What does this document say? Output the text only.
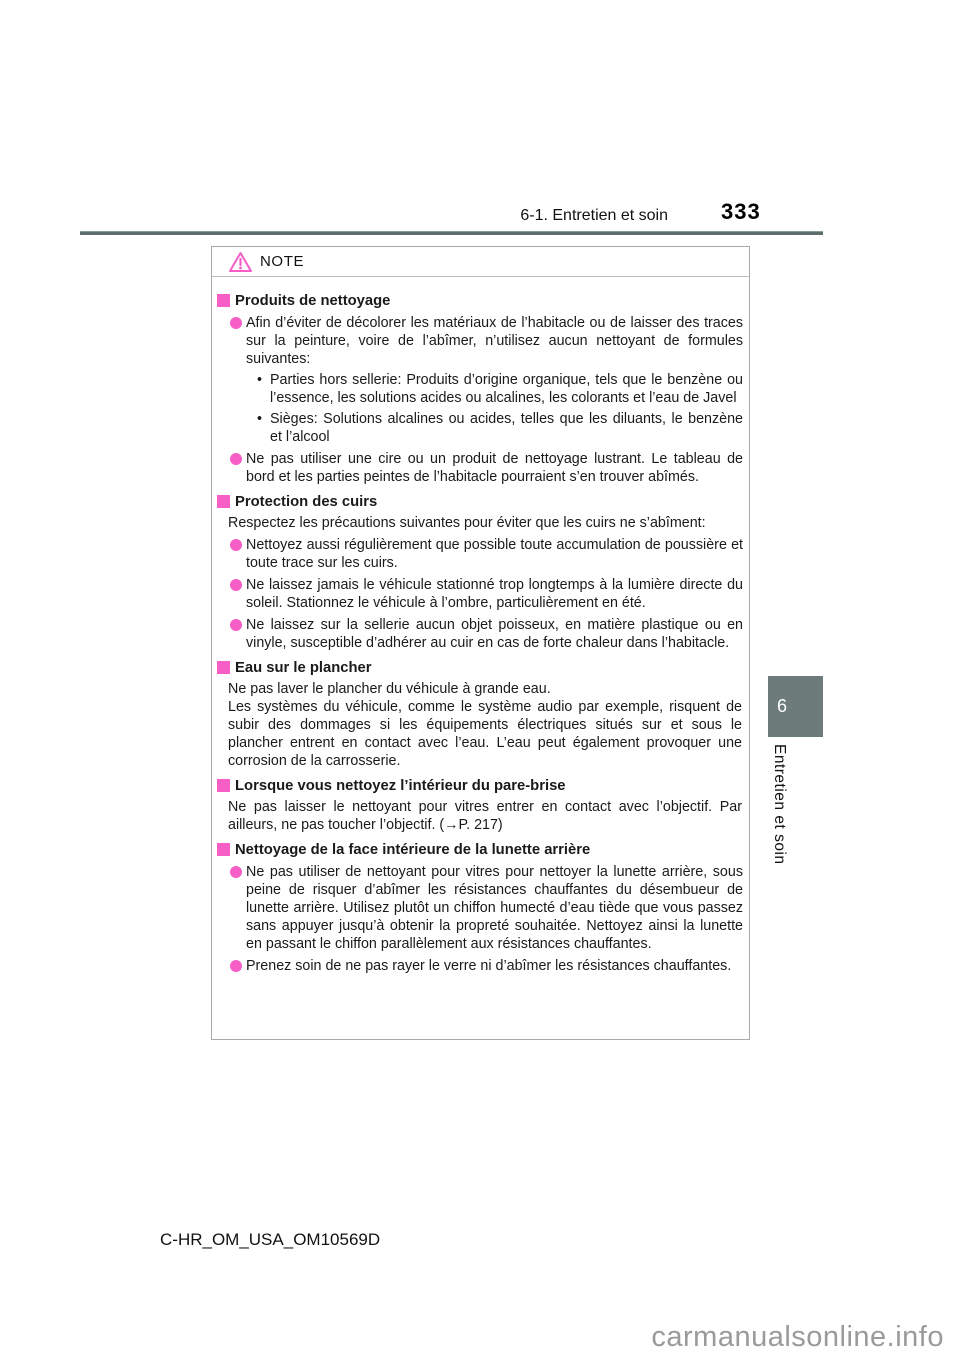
6-1. Entretien et soin 333
NOTE
Produits de nettoyage
Afin d’éviter de décolorer les matériaux de l’habitacle ou de laisser des traces sur la peinture, voire de l’abîmer, n’utilisez aucun nettoyant de formules suivantes:
• Parties hors sellerie: Produits d’origine organique, tels que le benzène ou l’essence, les solutions acides ou alcalines, les colorants et l’eau de Javel
• Sièges: Solutions alcalines ou acides, telles que les diluants, le benzène et l’alcool
Ne pas utiliser une cire ou un produit de nettoyage lustrant. Le tableau de bord et les parties peintes de l’habitacle pourraient s’en trouver abîmés.
Protection des cuirs
Respectez les précautions suivantes pour éviter que les cuirs ne s’abîment:
Nettoyez aussi régulièrement que possible toute accumulation de poussière et toute trace sur les cuirs.
Ne laissez jamais le véhicule stationné trop longtemps à la lumière directe du soleil. Stationnez le véhicule à l’ombre, particulièrement en été.
Ne laissez sur la sellerie aucun objet poisseux, en matière plastique ou en vinyle, susceptible d’adhérer au cuir en cas de forte chaleur dans l’habitacle.
Eau sur le plancher
Ne pas laver le plancher du véhicule à grande eau.
Les systèmes du véhicule, comme le système audio par exemple, risquent de subir des dommages si les équipements électriques situés sur et sous le plancher entrent en contact avec l’eau. L’eau peut également provoquer une corrosion de la carrosserie.
Lorsque vous nettoyez l’intérieur du pare-brise
Ne pas laisser le nettoyant pour vitres entrer en contact avec l’objectif. Par ailleurs, ne pas toucher l’objectif. (→P. 217)
Nettoyage de la face intérieure de la lunette arrière
Ne pas utiliser de nettoyant pour vitres pour nettoyer la lunette arrière, sous peine de risquer d’abîmer les résistances chauffantes du désembueur de lunette arrière. Utilisez plutôt un chiffon humecté d’eau tiède que vous passez sans appuyer jusqu’à obtenir la propreté souhaitée. Nettoyez ainsi la lunette en passant le chiffon parallèlement aux résistances chauffantes.
Prenez soin de ne pas rayer le verre ni d’abîmer les résistances chauffantes.
6
Entretien et soin
C-HR_OM_USA_OM10569D
carmanualsonline.info
